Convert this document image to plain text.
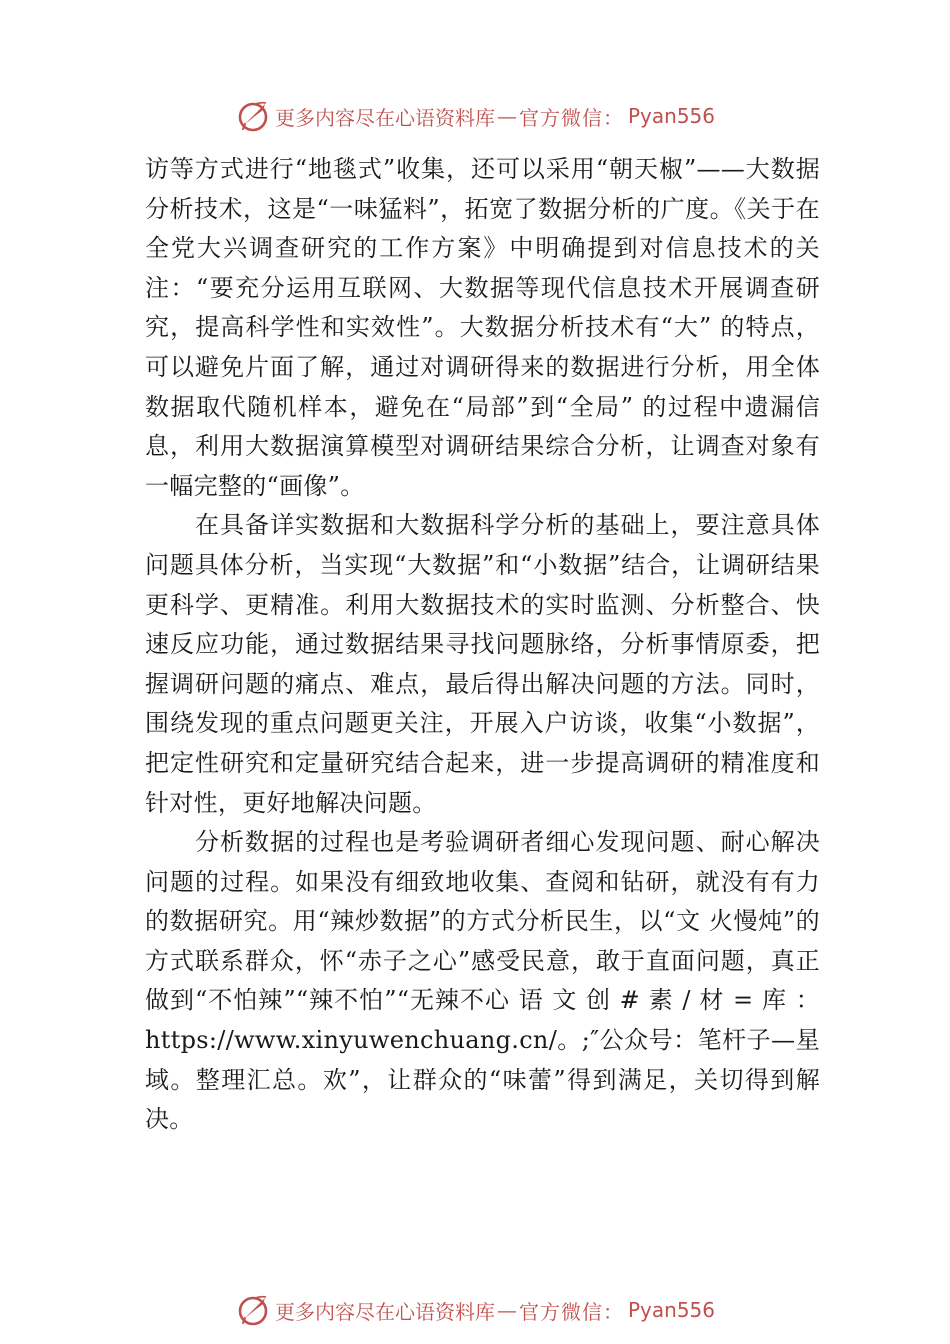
更多内容尽在心语资料库 — 官方微信： Pyan556

访等方式进行“地毯式”收集，还可以采用“朝天椒”——大数据分析技术，这是“一味猛料”，拓宽了数据分析的广度。《关于在全党大兴调查研究的工作方案》中明确提到对信息技术的关注：“要充分运用互联网、大数据等现代信息技术开展调查研究，提高科学性和实效性”。大数据分析技术有“大” 的特点，可以避免片面了解，通过对调研得来的数据进行分析，用全体数据取代随机样本，避免在“局部”到“全局” 的过程中遗漏信息，利用大数据演算模型对调研结果综合分析，让调查对象有一幅完整的“画像”。

在具备详实数据和大数据科学分析的基础上，要注意具体问题具体分析，当实现“大数据”和“小数据”结合，让调研结果更科学、更精准。利用大数据技术的实时监测、分析整合、快速反应功能，通过数据结果寻找问题脉络，分析事情原委，把握调研问题的痛点、难点，最后得出解决问题的方法。同时，围绕发现的重点问题更关注，开展入户访谈，收集“小数据”，把定性研究和定量研究结合起来，进一步提高调研的精准度和针对性，更好地解决问题。

分析数据的过程也是考验调研者细心发现问题、耐心解决问题的过程。如果没有细致地收集、查阅和钻研，就没有有力的数据研究。用“辣炒数据”的方式分析民生，以“文 火慢炖”的方式联系群众，怀“赤子之心”感受民意，敢于直面问题，真正做到“不怕辣”“辣不怕”“无辣不心 语 文 创 # 素 / 材 = 库 ： https://www.xinyuwenchuang.cn/。;″公众号：笔杆子—星域。整理汇总。欢”，让群众的“味蕾”得到满足，关切得到解决。

更多内容尽在心语资料库 — 官方微信： Pyan556
